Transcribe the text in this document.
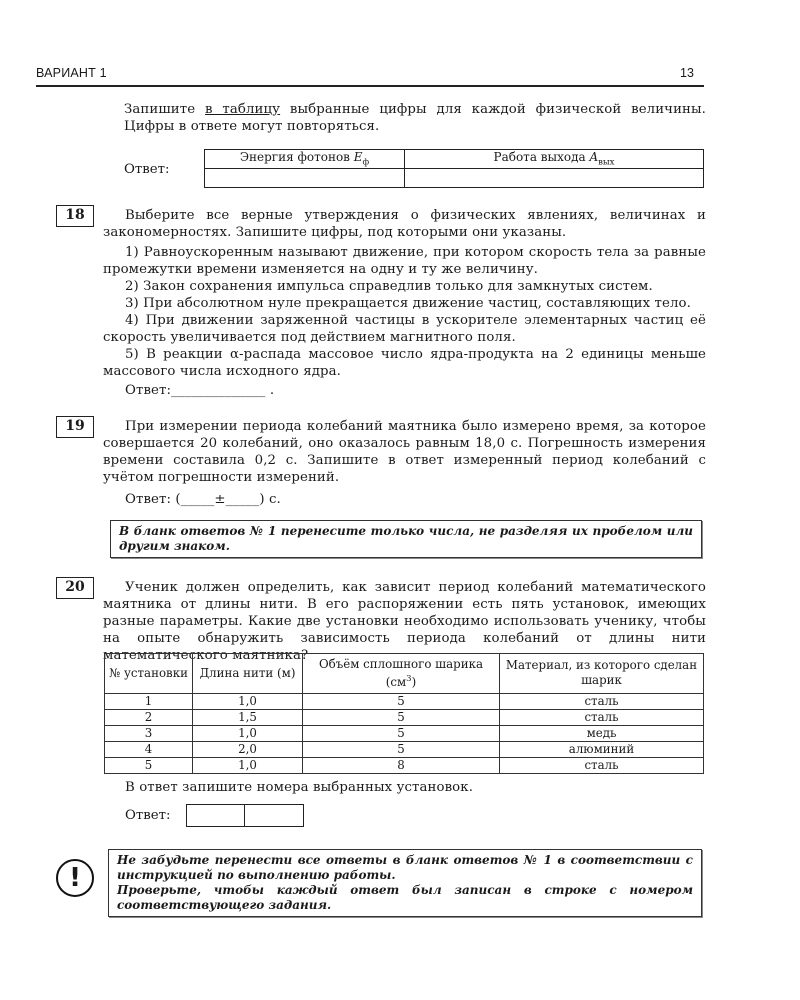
ВАРИАНТ 1	13
Запишите в таблицу выбранные цифры для каждой физической величины. Цифры в ответе могут повторяться.
Ответ:
Энергия фотонов $E_ф$	Работа выхода $A_{вых}$

18	Выберите все верные утверждения о физических явлениях, величинах и закономерностях. Запишите цифры, под которыми они указаны.
1) Равноускоренным называют движение, при котором скорость тела за равные промежутки времени изменяется на одну и ту же величину.
2) Закон сохранения импульса справедлив только для замкнутых систем.
3) При абсолютном нуле прекращается движение частиц, составляющих тело.
4) При движении заряженной частицы в ускорителе элементарных частиц её скорость увеличивается под действием магнитного поля.
5) В реакции α-распада массовое число ядра-продукта на 2 единицы меньше массового числа исходного ядра.
Ответ:______________ .
19	При измерении периода колебаний маятника было измерено время, за которое совершается 20 колебаний, оно оказалось равным 18,0 с. Погрешность измерения времени составила 0,2 с. Запишите в ответ измеренный период колебаний с учётом погрешности измерений.
Ответ: (_____±_____) с.
В бланк ответов № 1 перенесите только числа, не разделяя их пробелом или другим знаком.
20	Ученик должен определить, как зависит период колебаний математического маятника от длины нити. В его распоряжении есть пять установок, имеющих разные параметры. Какие две установки необходимо использовать ученику, чтобы на опыте обнаружить зависимость периода колебаний от длины нити математического маятника?
№ установки	Длина нити (м)	Объём сплошного шарика $(см^3)$	Материал, из которого сделан шарик
1	1,0	5	сталь
2	1,5	5	сталь
3	1,0	5	медь
4	2,0	5	алюминий
5	1,0	8	сталь
В ответ запишите номера выбранных установок.
Ответ:
!
Не забудьте перенести все ответы в бланк ответов № 1 в соответствии с инструкцией по выполнению работы.
Проверьте, чтобы каждый ответ был записан в строке с номером соответствующего задания.
